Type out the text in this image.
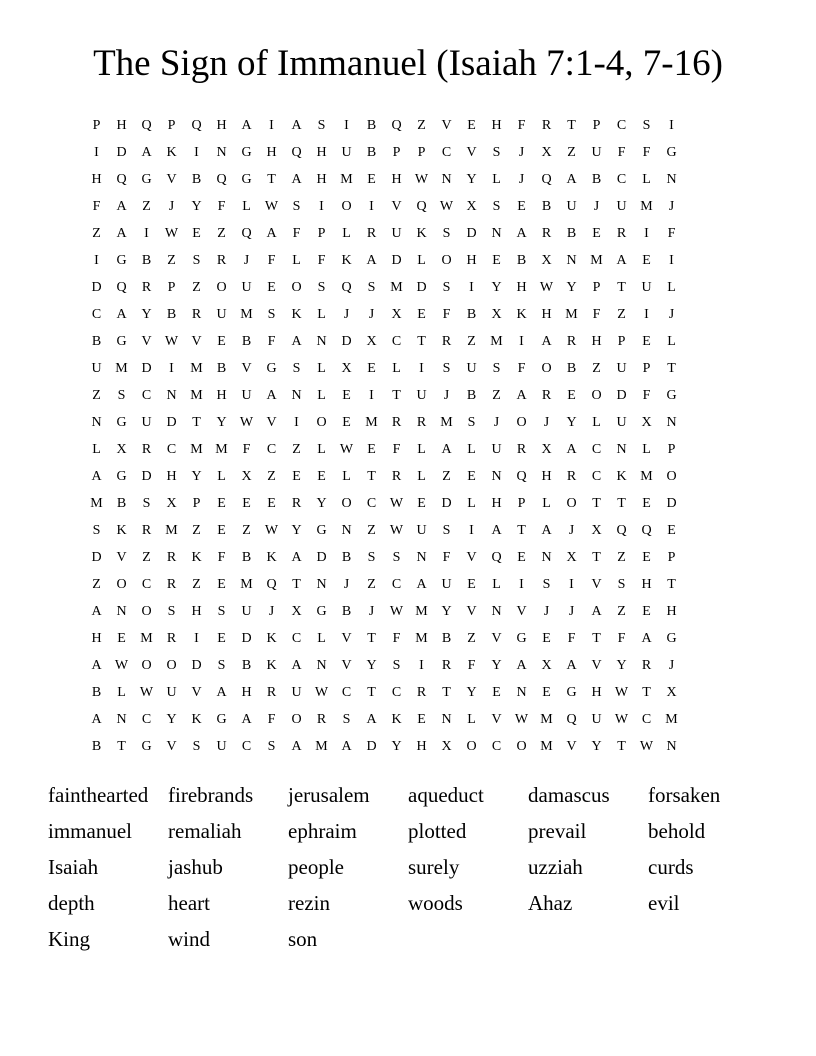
The Sign of Immanuel (Isaiah 7:1-4, 7-16)
P	H	Q	P	Q	H	A	I	A	S	I	B	Q	Z	V	E	H	F	R	T	P	C	S	I
I	D	A	K	I	N	G	H	Q	H	U	B	P	P	C	V	S	J	X	Z	U	F	F	G
H	Q	G	V	B	Q	G	T	A	H M	E	H W N	Y	L	J	Q	A	B	C	L	N
F	A	Z	J	Y	F	L	W	S	I	O	I	V	Q W X	S	E	B	U	J	U M	J
Z	A	I	W	E	Z	Q	A	F	P	L	R	U	K	S	D	N	A	R	B	E	R	I	F
I	G	B	Z	S	R	J	F	L	F	K	A	D	L	O	H	E	B	X	N M A	E	I
D	Q	R	P	Z	O	U	E	O	S	Q	S	M D	S	I	Y	H W Y	P	T	U	L
C	A	Y	B	R	U M	S	K	L	J	J	X	E	F	B	X	K	H M	F	Z	I	J
B	G	V W V	E	B	F	A	N	D	X	C	T	R	Z	M	I	A	R	H	P	E	L
U M D	I	M	B	V	G	S	L	X	E	L	I	S	U	S	F	O	B	Z	U	P	T
Z	S	C	N M H	U	A	N	L	E	I	T	U	J	B	Z	A	R	E	O	D	F	G
N	G	U	D	T	Y W V	I	O	E	M	R	R	M	S	J	O	J	Y	L	U	X	N
L	X	R	C	M M	F	C	Z	L	W	E	F	L	A	L	U	R	X	A	C	N	L	P
A	G	D	H	Y	L	X	Z	E	E	L	T	R	L	Z	E	N	Q	H	R	C	K M O
M	B	S	X	P	E	E	E	R	Y	O	C W	E	D	L	H	P	L	O	T	T	E	D
S	K	R	M	Z	E	Z	W Y	G	N	Z	W U	S	I	A	T	A	J	X	Q	Q	E
D	V	Z	R	K	F	B	K	A	D	B	S	S	N	F	V	Q	E	N	X	T	Z	E	P
Z	O	C	R	Z	E	M Q	T	N	J	Z	C	A	U	E	L	I	S	I	V	S	H	T
A	N	O	S	H	S	U	J	X	G	B	J	W M Y	V	N	V	J	J	A	Z	E	H
H	E	M	R	I	E	D	K	C	L	V	T	F	M	B	Z	V	G	E	F	T	F	A	G
A W O	O	D	S	B	K	A	N	V	Y	S	I	R	F	Y	A	X	A	V	Y	R	J
B	L	W U	V	A	H	R	U W C	T	C	R	T	Y	E	N	E	G	H W	T	X
A	N	C	Y	K	G	A	F	O	R	S	A	K	E	N	L	V W M Q	U W C	M
B	T	G	V	S	U	C	S	A M A	D	Y	H	X	O	C	O M V	Y	T	W N
fainthearted firebrands	jerusalem	aqueduct	damascus	forsaken
immanuel	remaliah	ephraim	plotted	prevail	behold
Isaiah	jashub	people	surely	uzziah	curds
depth	heart	rezin	woods	Ahaz	evil
King	wind	son
